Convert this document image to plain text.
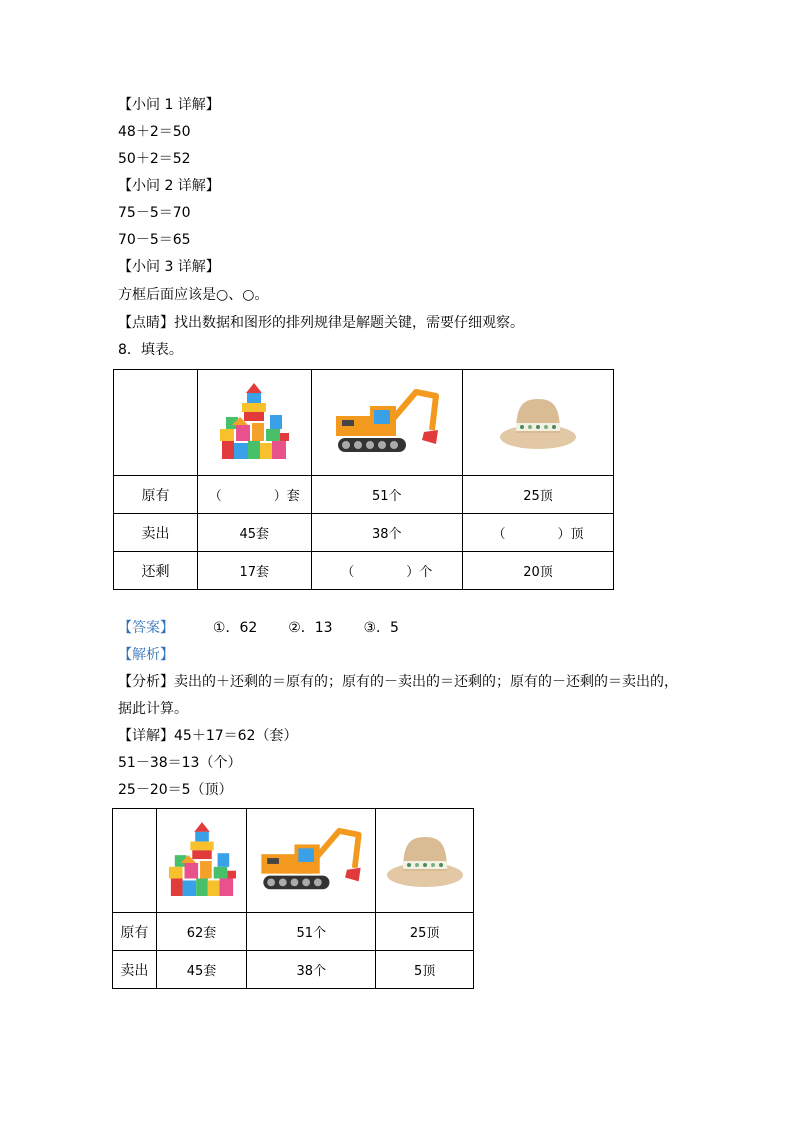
【小问 1 详解】
48＋2＝50
50＋2＝52
【小问 2 详解】
75－5＝70
70－5＝65
【小问 3 详解】
方框后面应该是○、○。
【点睛】找出数据和图形的排列规律是解题关键，需要仔细观察。
8．填表。

原有	（　　　　）套	51个	25顶
卖出	45套	38个	（　　　　）顶
还剩	17套	（　　　　）个	20顶
【答案】	①．62 ②．13 ③．5
【解析】
【分析】卖出的＋还剩的＝原有的；原有的－卖出的＝还剩的；原有的－还剩的＝卖出的，
据此计算。
【详解】45＋17＝62（套）
51－38＝13（个）
25－20＝5（顶）

原有	62套	51个	25顶
卖出	45套	38个	5顶
